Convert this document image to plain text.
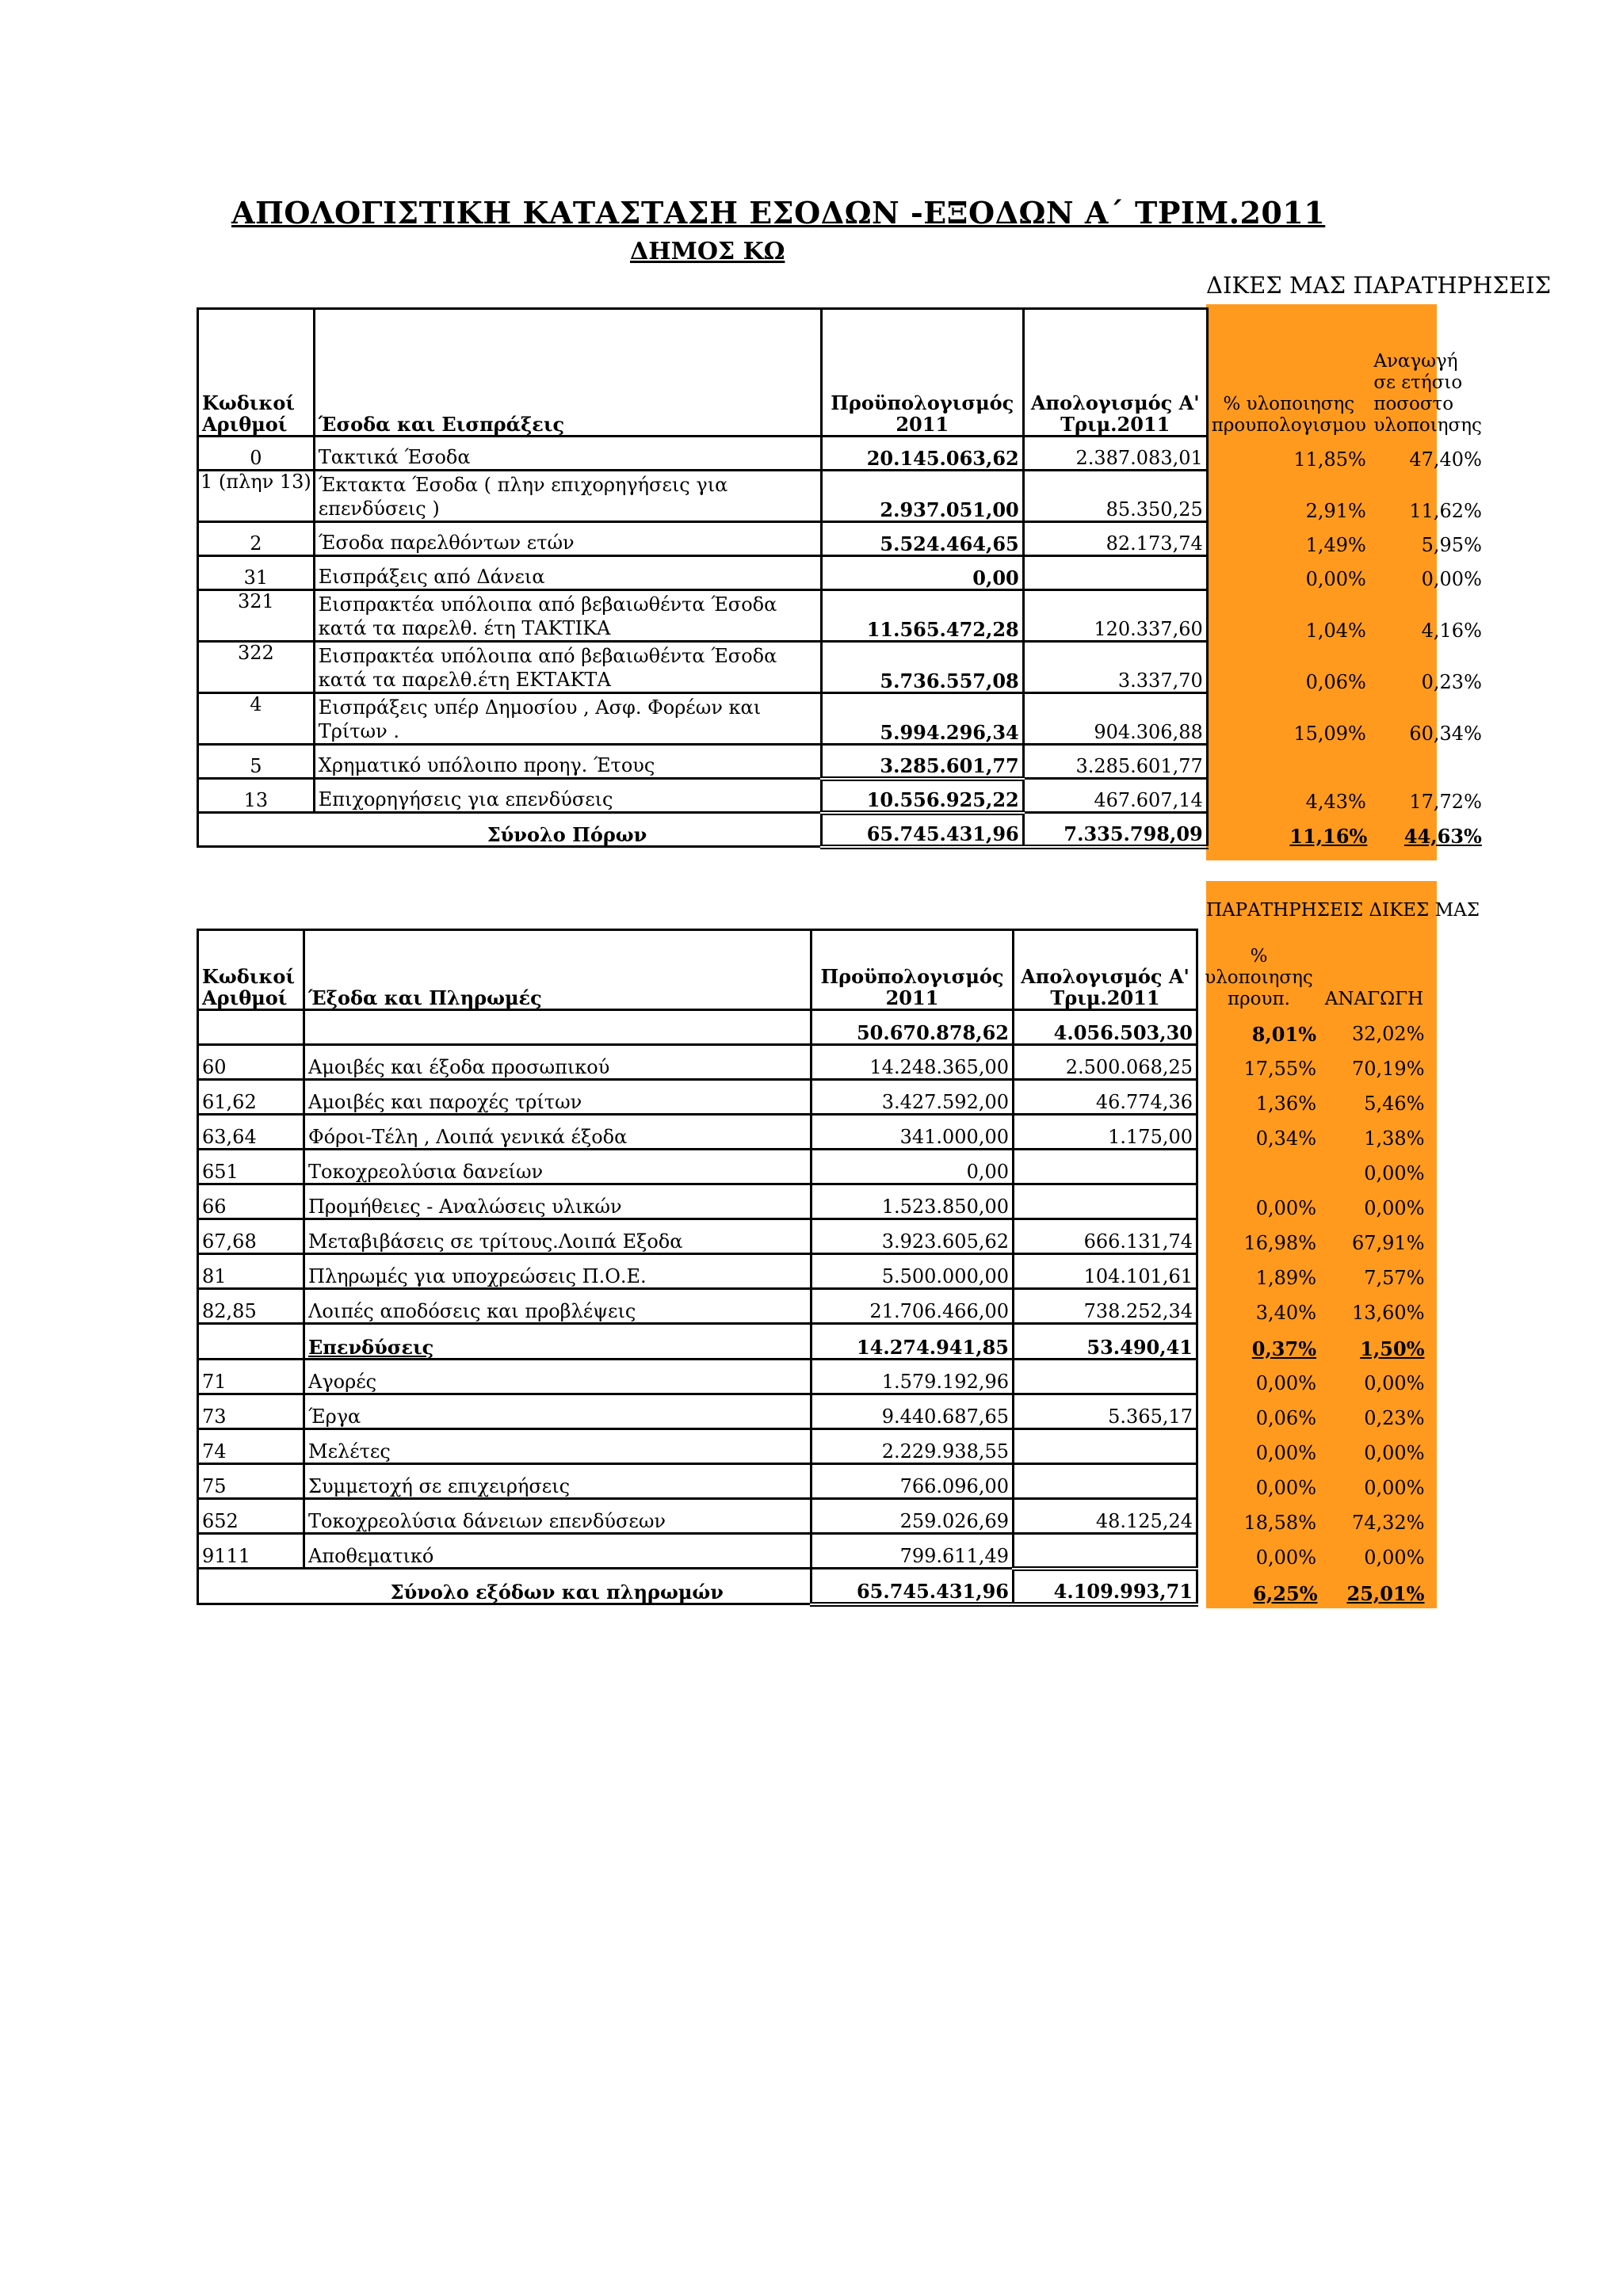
ΑΠΟΛΟΓΙΣΤΙΚΗ ΚΑΤΑΣΤΑΣΗ ΕΣΟΔΩΝ -ΕΞΟΔΩΝ Α΄ ΤΡΙΜ.2011
ΔΗΜΟΣ ΚΩ
ΔΙΚΕΣ ΜΑΣ ΠΑΡΑΤΗΡΗΣΕΙΣ
ΠΑΡΑΤΗΡΗΣΕΙΣ ΔΙΚΕΣ ΜΑΣ
Κωδικοί Αριθμοί	Έσοδα και Εισπράξεις	Προϋπολογισμός 2011	Απολογισμός Α' Τριμ.2011	% υλοποιησης προυπολογισμου	Αναγωγή σε ετήσιο ποσοστο υλοποιησης
0	Τακτικά Έσοδα	20.145.063,62	2.387.083,01	11,85%	47,40%
1 (πλην 13)	Έκτακτα Έσοδα ( πλην επιχορηγήσεις για επενδύσεις )	2.937.051,00	85.350,25	2,91%	11,62%
2	Έσοδα παρελθόντων ετών	5.524.464,65	82.173,74	1,49%	5,95%
31	Εισπράξεις από Δάνεια	0,00		0,00%	0,00%
321	Εισπρακτέα υπόλοιπα από βεβαιωθέντα Έσοδα κατά τα παρελθ. έτη ΤΑΚΤΙΚΑ	11.565.472,28	120.337,60	1,04%	4,16%
322	Εισπρακτέα υπόλοιπα από βεβαιωθέντα Έσοδα κατά τα παρελθ.έτη ΕΚΤΑΚΤΑ	5.736.557,08	3.337,70	0,06%	0,23%
4	Εισπράξεις υπέρ Δημοσίου , Ασφ. Φορέων και Τρίτων .	5.994.296,34	904.306,88	15,09%	60,34%
5	Χρηματικό υπόλοιπο προηγ. Έτους	3.285.601,77	3.285.601,77		
13	Επιχορηγήσεις για επενδύσεις	10.556.925,22	467.607,14	4,43%	17,72%
	Σύνολο Πόρων	65.745.431,96	7.335.798,09	11,16%	44,63%
Κωδικοί Αριθμοί	Έξοδα και Πληρωμές	Προϋπολογισμός 2011	Απολογισμός Α' Τριμ.2011	% υλοποιησης προυπ.	ΑΝΑΓΩΓΗ
		50.670.878,62	4.056.503,30	8,01%	32,02%
60	Αμοιβές και έξοδα προσωπικού	14.248.365,00	2.500.068,25	17,55%	70,19%
61,62	Αμοιβές και παροχές τρίτων	3.427.592,00	46.774,36	1,36%	5,46%
63,64	Φόροι-Τέλη , Λοιπά γενικά έξοδα	341.000,00	1.175,00	0,34%	1,38%
651	Τοκοχρεολύσια δανείων	0,00			0,00%
66	Προμήθειες - Αναλώσεις υλικών	1.523.850,00		0,00%	0,00%
67,68	Μεταβιβάσεις σε τρίτους.Λοιπά Εξοδα	3.923.605,62	666.131,74	16,98%	67,91%
81	Πληρωμές για υποχρεώσεις Π.Ο.Ε.	5.500.000,00	104.101,61	1,89%	7,57%
82,85	Λοιπές αποδόσεις και προβλέψεις	21.706.466,00	738.252,34	3,40%	13,60%
	Επενδύσεις	14.274.941,85	53.490,41	0,37%	1,50%
71	Αγορές	1.579.192,96		0,00%	0,00%
73	Έργα	9.440.687,65	5.365,17	0,06%	0,23%
74	Μελέτες	2.229.938,55		0,00%	0,00%
75	Συμμετοχή σε επιχειρήσεις	766.096,00		0,00%	0,00%
652	Τοκοχρεολύσια δάνειων επενδύσεων	259.026,69	48.125,24	18,58%	74,32%
9111	Αποθεματικό	799.611,49		0,00%	0,00%
	Σύνολο εξόδων και πληρωμών	65.745.431,96	4.109.993,71	6,25%	25,01%
